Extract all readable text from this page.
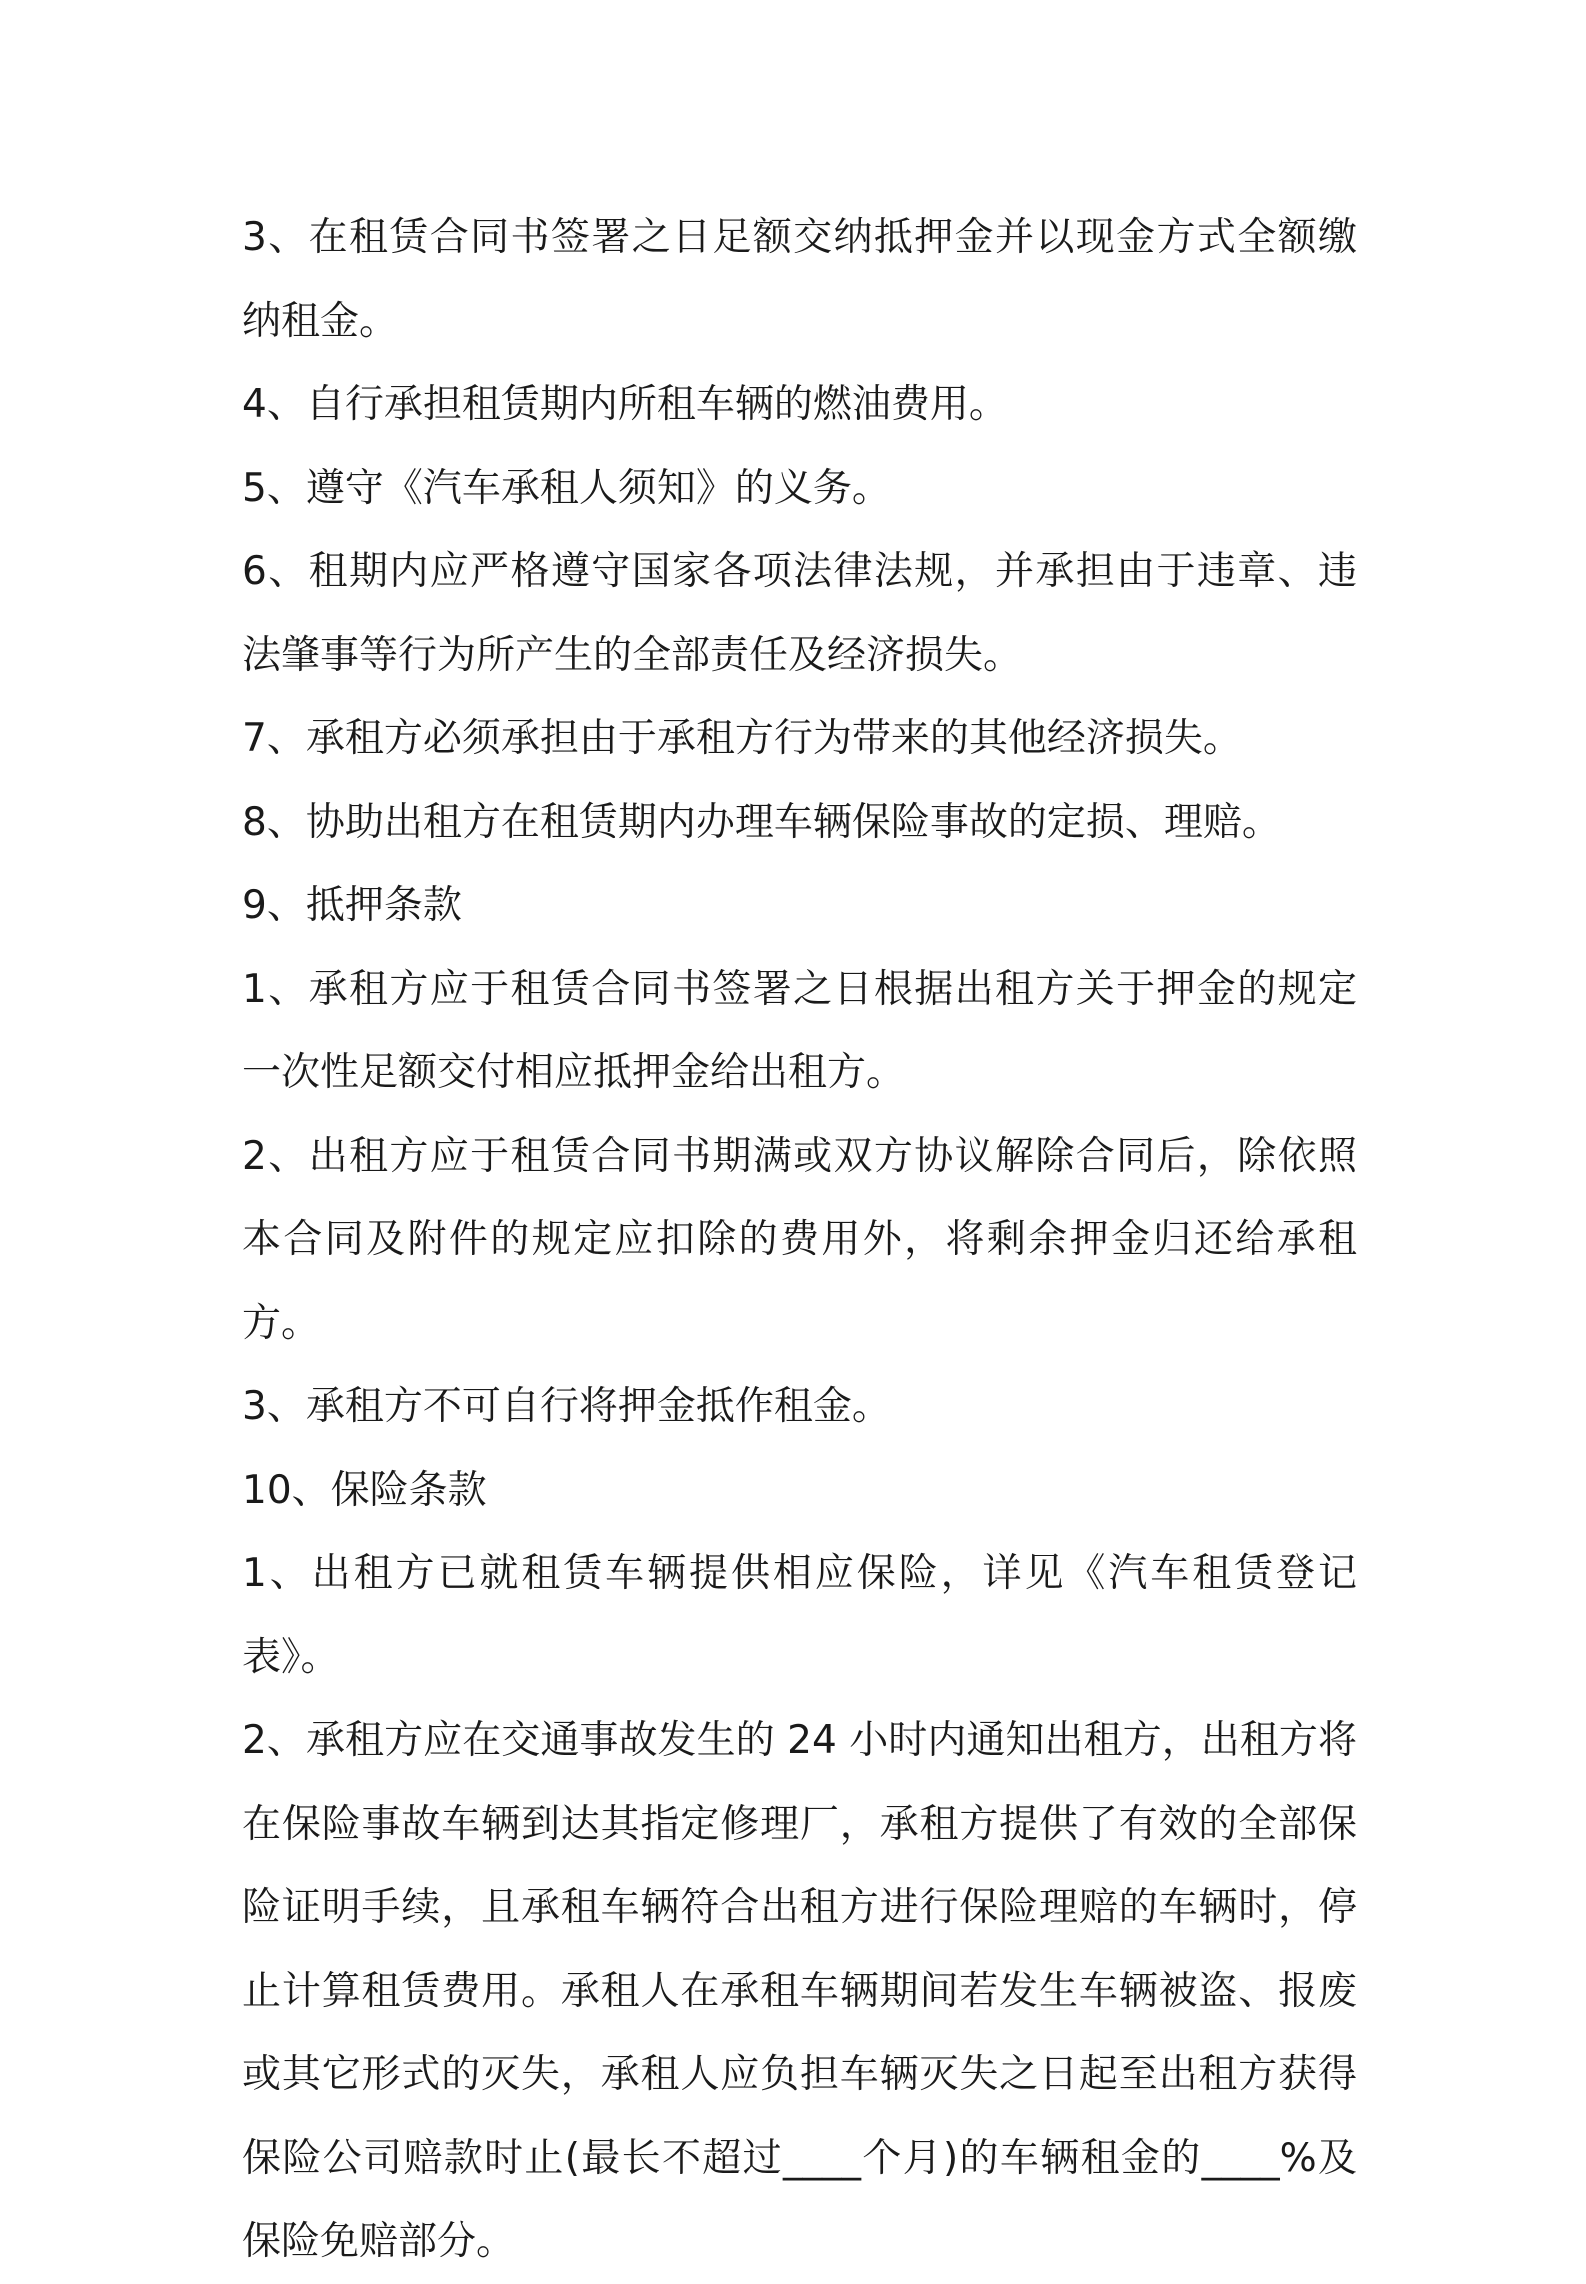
3、在租赁合同书签署之日足额交纳抵押金并以现金方式全额缴纳租金。

4、自行承担租赁期内所租车辆的燃油费用。

5、遵守《汽车承租人须知》的义务。

6、租期内应严格遵守国家各项法律法规，并承担由于违章、违法肇事等行为所产生的全部责任及经济损失。

7、承租方必须承担由于承租方行为带来的其他经济损失。

8、协助出租方在租赁期内办理车辆保险事故的定损、理赔。

9、抵押条款

1、承租方应于租赁合同书签署之日根据出租方关于押金的规定一次性足额交付相应抵押金给出租方。

2、出租方应于租赁合同书期满或双方协议解除合同后，除依照本合同及附件的规定应扣除的费用外，将剩余押金归还给承租方。

3、承租方不可自行将押金抵作租金。

10、保险条款

1、出租方已就租赁车辆提供相应保险，详见《汽车租赁登记表》。

2、承租方应在交通事故发生的 24 小时内通知出租方，出租方将在保险事故车辆到达其指定修理厂，承租方提供了有效的全部保险证明手续，且承租车辆符合出租方进行保险理赔的车辆时，停止计算租赁费用。承租人在承租车辆期间若发生车辆被盗、报废或其它形式的灭失，承租人应负担车辆灭失之日起至出租方获得保险公司赔款时止(最长不超过____个月)的车辆租金的____%及保险免赔部分。
